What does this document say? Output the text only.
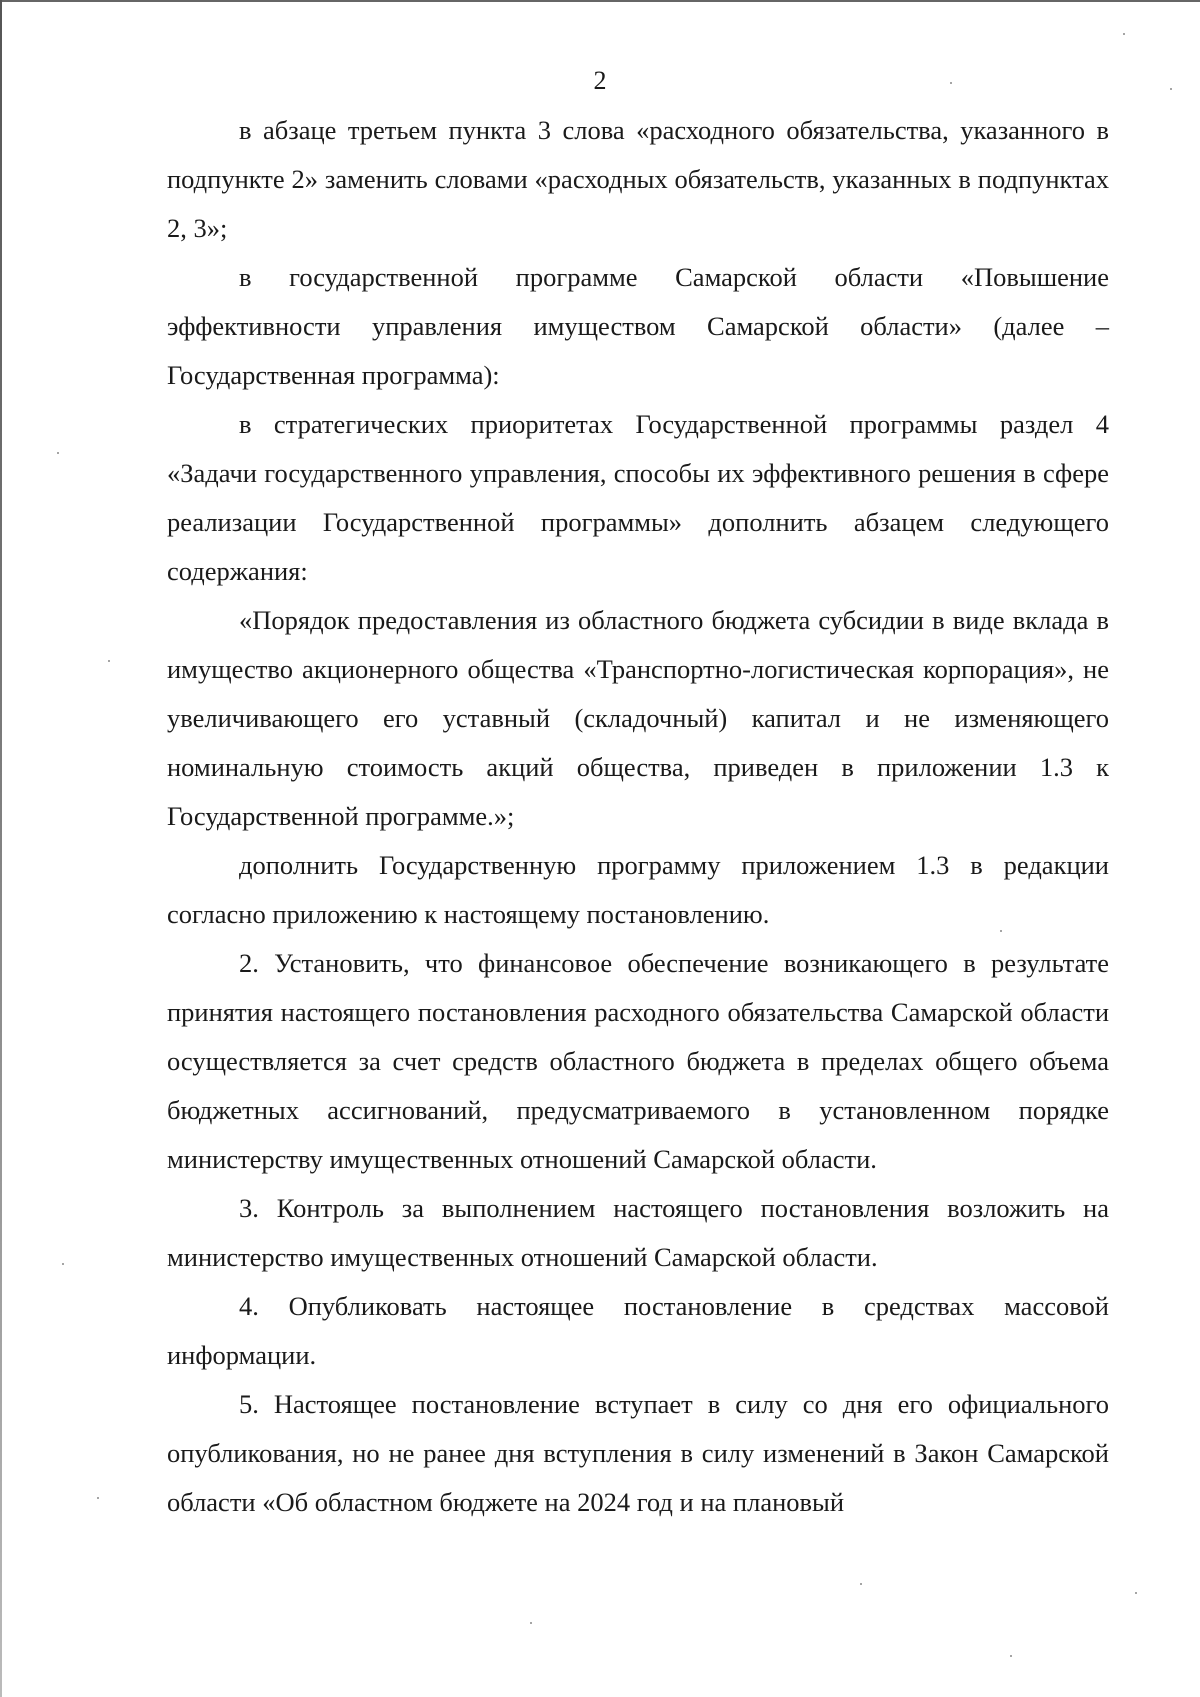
2

в абзаце третьем пункта 3 слова «расходного обязательства, указанного в подпункте 2» заменить словами «расходных обязательств, указанных в подпунктах 2, 3»;

в государственной программе Самарской области «Повышение эффективности управления имуществом Самарской области» (далее – Государственная программа):

в стратегических приоритетах Государственной программы раздел 4 «Задачи государственного управления, способы их эффективного решения в сфере реализации Государственной программы» дополнить абзацем следующего содержания:

«Порядок предоставления из областного бюджета субсидии в виде вклада в имущество акционерного общества «Транспортно-логистическая корпорация», не увеличивающего его уставный (складочный) капитал и не изменяющего номинальную стоимость акций общества, приведен в приложении 1.3 к Государственной программе.»;

дополнить Государственную программу приложением 1.3 в редакции согласно приложению к настоящему постановлению.

2. Установить, что финансовое обеспечение возникающего в результате принятия настоящего постановления расходного обязательства Самарской области осуществляется за счет средств областного бюджета в пределах общего объема бюджетных ассигнований, предусматриваемого в установленном порядке министерству имущественных отношений Самарской области.

3. Контроль за выполнением настоящего постановления возложить на министерство имущественных отношений Самарской области.

4. Опубликовать настоящее постановление в средствах массовой информации.

5. Настоящее постановление вступает в силу со дня его официального опубликования, но не ранее дня вступления в силу изменений в Закон Самарской области «Об областном бюджете на 2024 год и на плановый
